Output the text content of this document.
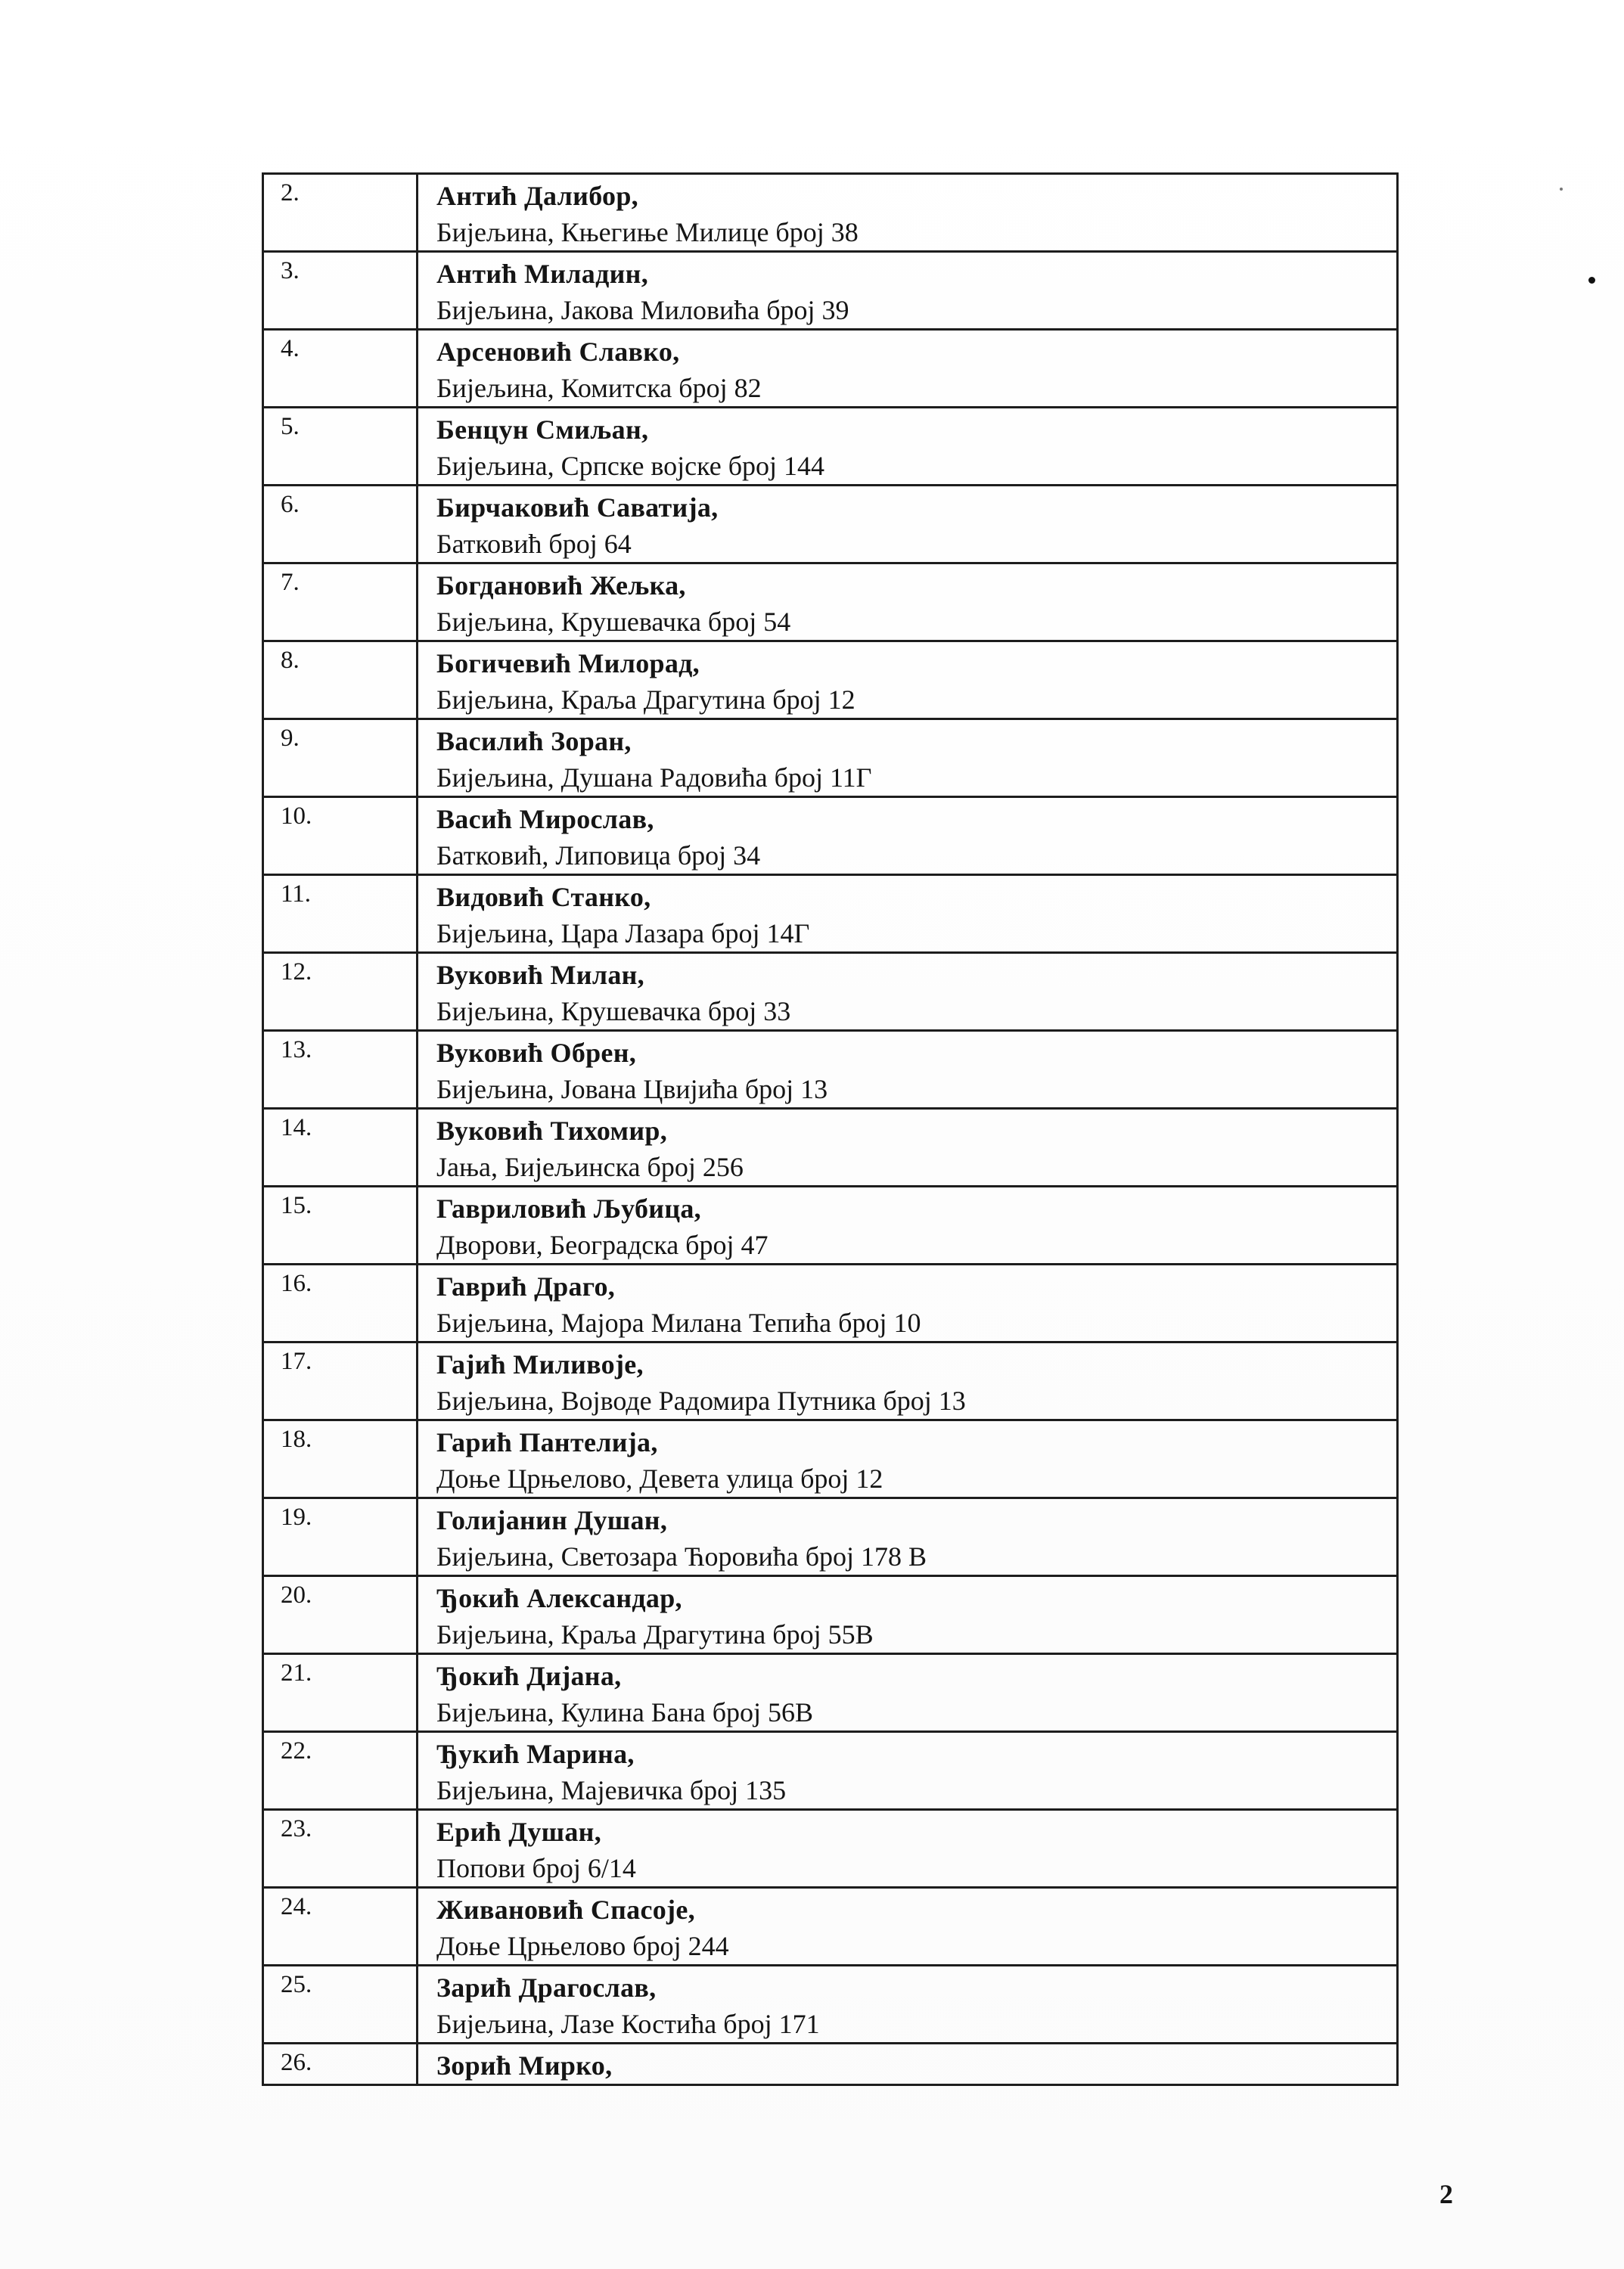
2.	Антић Далибор,
Бијељина, Књегиње Милице број 38

3.	Антић Миладин,
Бијељина, Јакова Миловића број 39

4.	Арсеновић Славко,
Бијељина, Комитска број 82

5.	Бенцун Смиљан,
Бијељина, Српске војске број 144

6.	Бирчаковић Саватија,
Батковић број 64

7.	Богдановић Жељка,
Бијељина, Крушевачка број 54

8.	Богичевић Милорад,
Бијељина, Краља Драгутина број 12

9.	Василић Зоран,
Бијељина, Душана Радовића број 11Г

10.	Васић Мирослав,
Батковић, Липовица број 34

11.	Видовић Станко,
Бијељина, Цара Лазара број 14Г

12.	Вуковић Милан,
Бијељина, Крушевачка број 33

13.	Вуковић Обрен,
Бијељина, Јована Цвијића број 13

14.	Вуковић Тихомир,
Јања, Бијељинска број 256

15.	Гавриловић Љубица,
Дворови, Београдска број 47

16.	Гаврић Драго,
Бијељина, Мајора Милана Тепића број 10

17.	Гајић Миливоје,
Бијељина, Војводе Радомира Путника број 13

18.	Гарић Пантелија,
Доње Црњелово, Девета улица број 12

19.	Голијанин Душан,
Бијељина, Светозара Ћоровића број 178 В

20.	Ђокић Александар,
Бијељина, Краља Драгутина број 55В

21.	Ђокић Дијана,
Бијељина, Кулина Бана број 56В

22.	Ђукић Марина,
Бијељина, Мајевичка број 135

23.	Ерић Душан,
Попови број 6/14

24.	Живановић Спасоје,
Доње Црњелово број 244

25.	Зарић Драгослав,
Бијељина, Лазе Костића број 171

26.	Зорић Мирко,
2
